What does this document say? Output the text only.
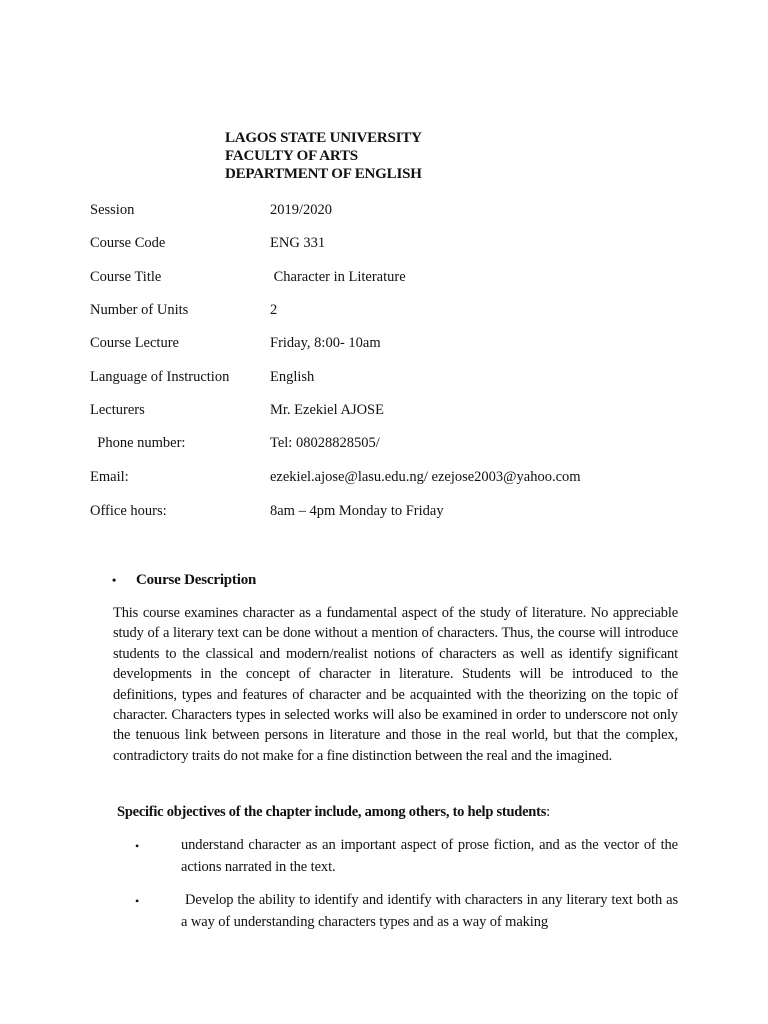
LAGOS STATE UNIVERSITY
FACULTY OF ARTS
DEPARTMENT OF ENGLISH
Session	2019/2020
Course Code	ENG 331
Course Title	Character in Literature
Number of Units	2
Course Lecture	Friday, 8:00- 10am
Language of Instruction	English
Lecturers	Mr. Ezekiel AJOSE
Phone number:	Tel: 08028828505/
Email:	ezekiel.ajose@lasu.edu.ng/ ezejose2003@yahoo.com
Office hours:	8am – 4pm Monday to Friday
• Course Description
This course examines character as a fundamental aspect of the study of literature. No appreciable study of a literary text can be done without a mention of characters. Thus, the course will introduce students to the classical and modern/realist notions of characters as well as identify significant developments in the concept of character in literature. Students will be introduced to the definitions, types and features of character and be acquainted with the theorizing on the topic of character. Characters types in selected works will also be examined in order to underscore not only the tenuous link between persons in literature and those in the real world, but that the complex, contradictory traits do not make for a fine distinction between the real and the imagined.
Specific objectives of the chapter include, among others, to help students:
•	understand character as an important aspect of prose fiction, and as the vector of the actions narrated in the text.
•	Develop the ability to identify and identify with characters in any literary text both as a way of understanding characters types and as a way of making
